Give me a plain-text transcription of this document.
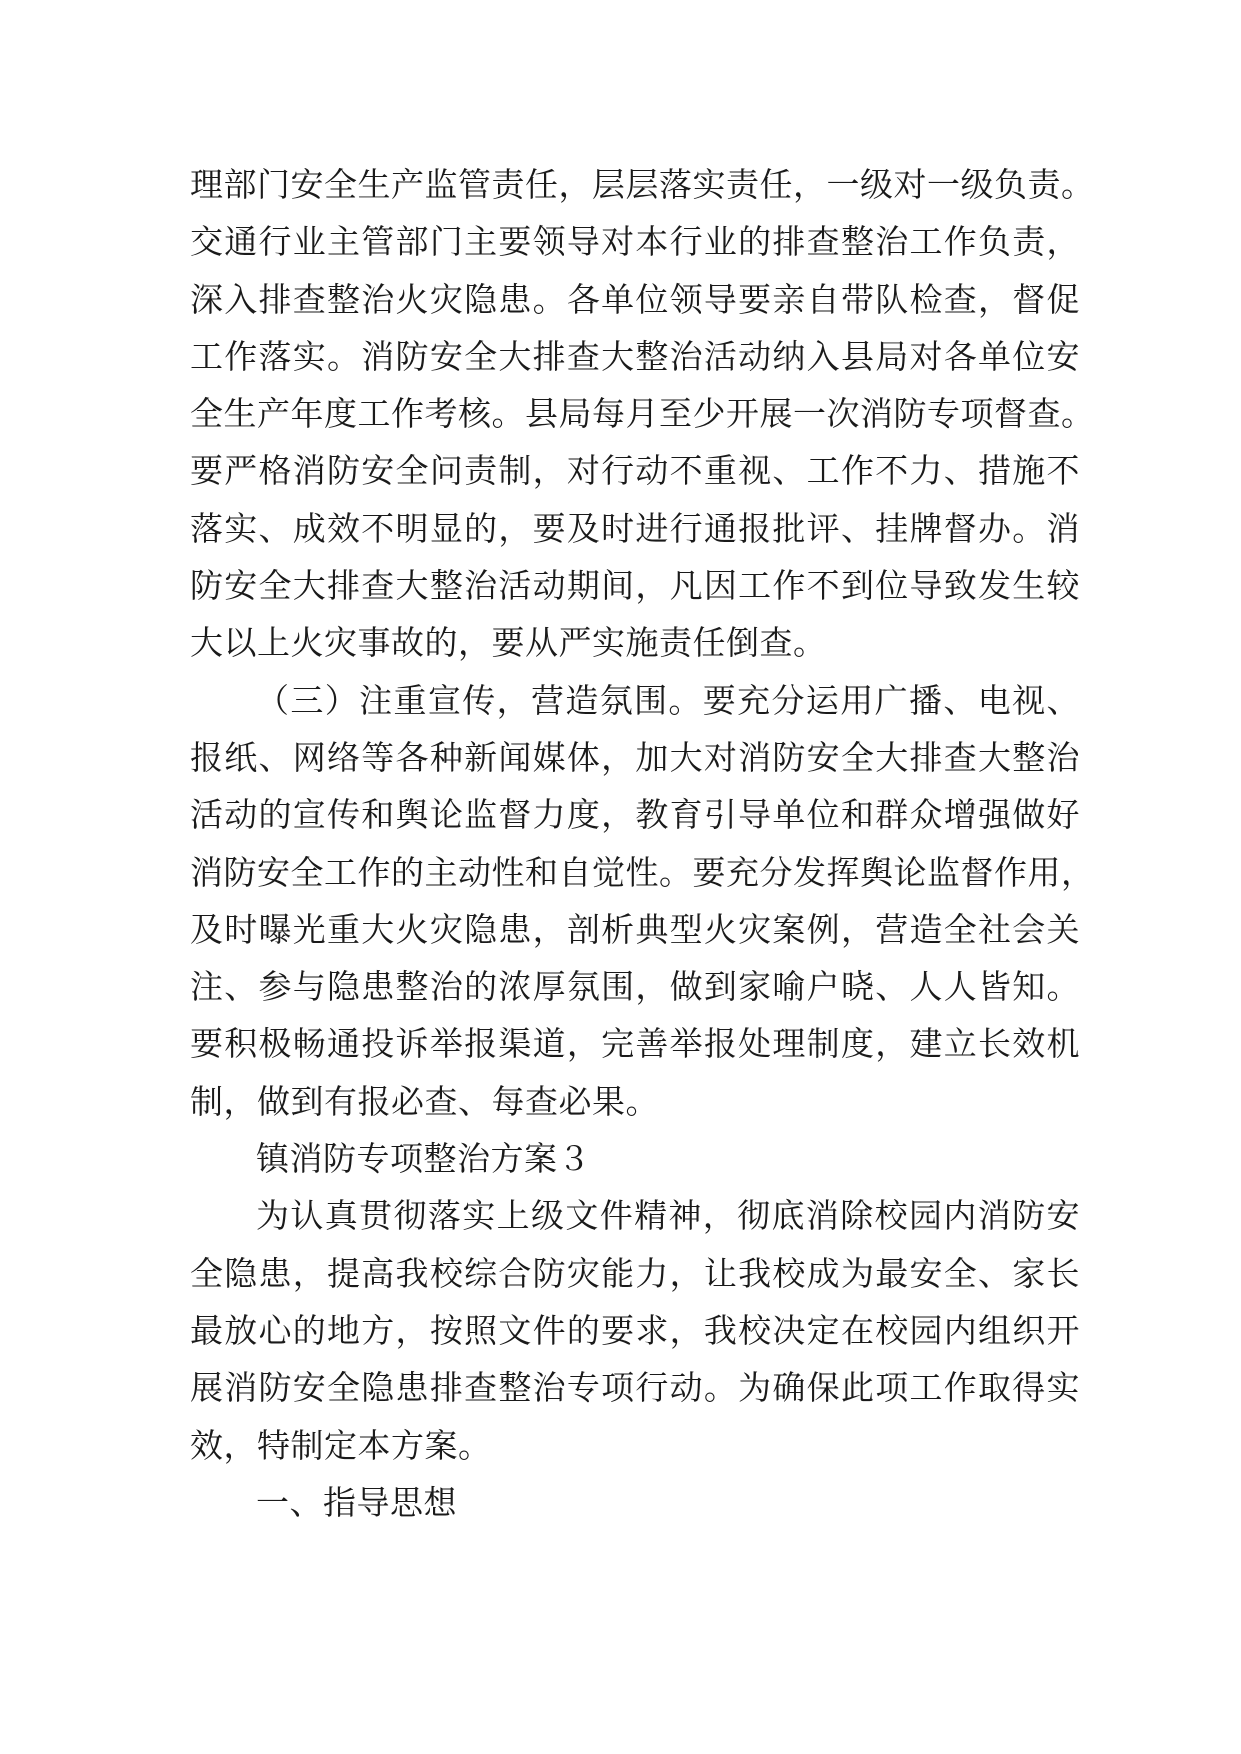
理部门安全生产监管责任，层层落实责任，一级对一级负责。
交通行业主管部门主要领导对本行业的排查整治工作负责，
深入排查整治火灾隐患。各单位领导要亲自带队检查，督促
工作落实。消防安全大排查大整治活动纳入县局对各单位安
全生产年度工作考核。县局每月至少开展一次消防专项督查。
要严格消防安全问责制，对行动不重视、工作不力、措施不
落实、成效不明显的，要及时进行通报批评、挂牌督办。消
防安全大排查大整治活动期间，凡因工作不到位导致发生较
大以上火灾事故的，要从严实施责任倒查。
（三）注重宣传，营造氛围。要充分运用广播、电视、
报纸、网络等各种新闻媒体，加大对消防安全大排查大整治
活动的宣传和舆论监督力度，教育引导单位和群众增强做好
消防安全工作的主动性和自觉性。要充分发挥舆论监督作用，
及时曝光重大火灾隐患，剖析典型火灾案例，营造全社会关
注、参与隐患整治的浓厚氛围，做到家喻户晓、人人皆知。
要积极畅通投诉举报渠道，完善举报处理制度，建立长效机
制，做到有报必查、每查必果。
镇消防专项整治方案３
为认真贯彻落实上级文件精神，彻底消除校园内消防安
全隐患，提高我校综合防灾能力，让我校成为最安全、家长
最放心的地方，按照文件的要求，我校决定在校园内组织开
展消防安全隐患排查整治专项行动。为确保此项工作取得实
效，特制定本方案。
一、指导思想
